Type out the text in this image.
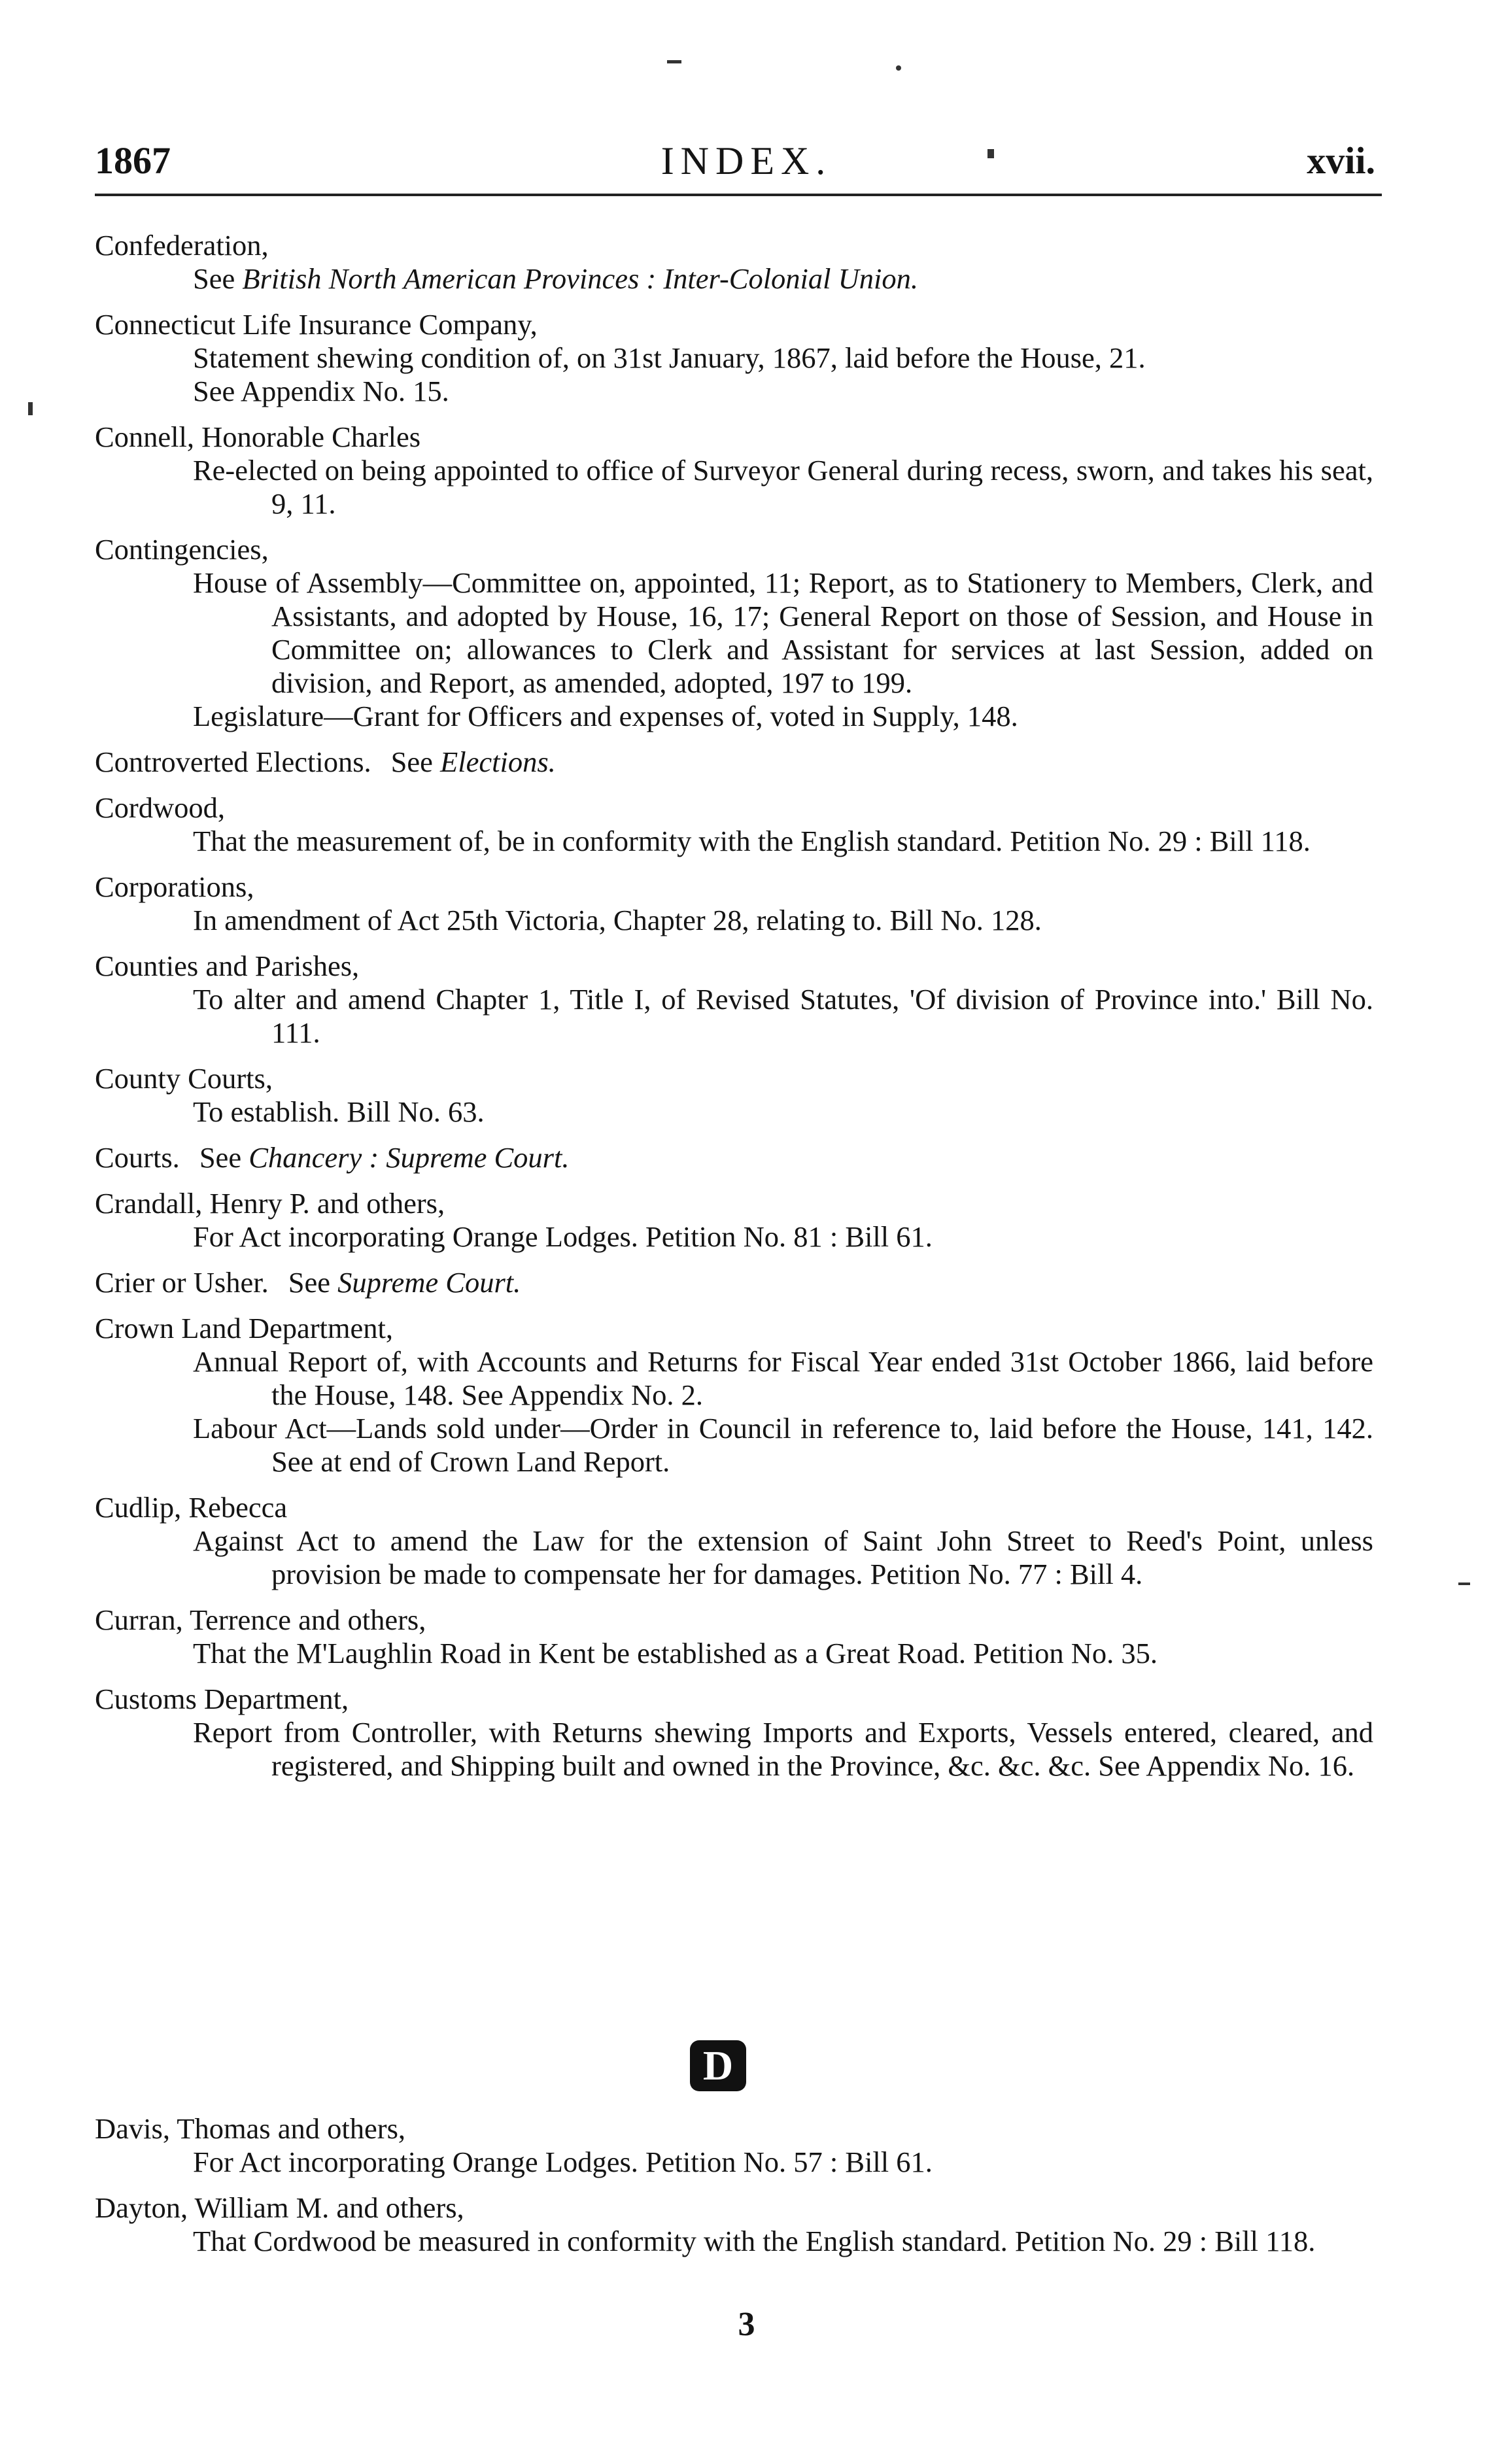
1867	INDEX.	xvii.
Confederation,
See British North American Provinces : Inter-Colonial Union.
Connecticut Life Insurance Company,
Statement shewing condition of, on 31st January, 1867, laid before the House, 21.
See Appendix No. 15.
Connell, Honorable Charles
Re-elected on being appointed to office of Surveyor General during recess, sworn, and takes his seat, 9, 11.
Contingencies,
House of Assembly—Committee on, appointed, 11; Report, as to Stationery to Members, Clerk, and Assistants, and adopted by House, 16, 17; General Report on those of Session, and House in Committee on; allowances to Clerk and Assistant for services at last Session, added on division, and Report, as amended, adopted, 197 to 199.
Legislature—Grant for Officers and expenses of, voted in Supply, 148.
Controverted Elections. See Elections.
Cordwood,
That the measurement of, be in conformity with the English standard. Petition No. 29 : Bill 118.
Corporations,
In amendment of Act 25th Victoria, Chapter 28, relating to. Bill No. 128.
Counties and Parishes,
To alter and amend Chapter 1, Title I, of Revised Statutes, 'Of division of Province into.' Bill No. 111.
County Courts,
To establish. Bill No. 63.
Courts. See Chancery : Supreme Court.
Crandall, Henry P. and others,
For Act incorporating Orange Lodges. Petition No. 81 : Bill 61.
Crier or Usher. See Supreme Court.
Crown Land Department,
Annual Report of, with Accounts and Returns for Fiscal Year ended 31st October 1866, laid before the House, 148. See Appendix No. 2.
Labour Act—Lands sold under—Order in Council in reference to, laid before the House, 141, 142. See at end of Crown Land Report.
Cudlip, Rebecca
Against Act to amend the Law for the extension of Saint John Street to Reed's Point, unless provision be made to compensate her for damages. Petition No. 77 : Bill 4.
Curran, Terrence and others,
That the M'Laughlin Road in Kent be established as a Great Road. Petition No. 35.
Customs Department,
Report from Controller, with Returns shewing Imports and Exports, Vessels entered, cleared, and registered, and Shipping built and owned in the Province, &c. &c. &c. See Appendix No. 16.
D
Davis, Thomas and others,
For Act incorporating Orange Lodges. Petition No. 57 : Bill 61.
Dayton, William M. and others,
That Cordwood be measured in conformity with the English standard. Petition No. 29 : Bill 118.
3
